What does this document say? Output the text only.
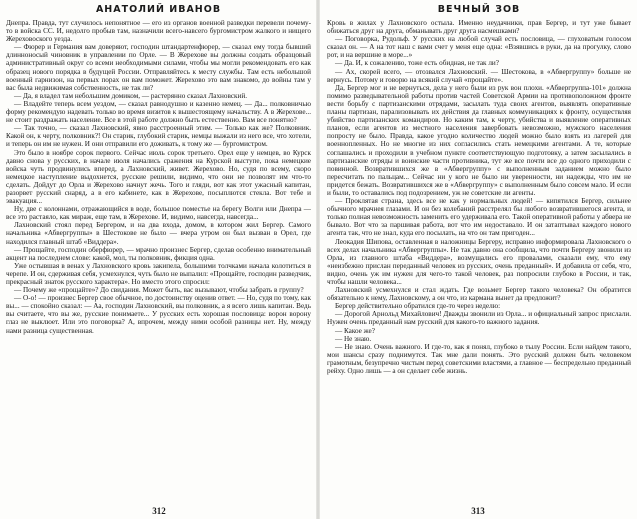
АНАТОЛИЙ ИВАНОВ

Днепра. Правда, тут случилось непонятное — его из органов военной разведки перевели почему-то в войска СС. И, недолго пробыв там, назначили всего-навсего бургомистром жалкого и нищего Жереховоского уезда.

— Фюрер и Германия вам доверяют, господин штандартенфюрер, — сказал ему тогда бывший длинноносый чиновник в управлении по Орле. — В Жерехове вы должны создать образцовый административный округ со всеми необходимыми силами, чтобы мы могли рекомендовать его как образец нового порядка в будущей России. Отправляйтесь к месту службы. Там есть небольшой военный гарнизон, на первых порах он вам поможет. Жерехово это вам знакомо, до войны там у вас была недвижимая собственность, не так ли?

— Да, я владел там небольшим домиком, — растерянно сказал Лахновский.

— Владейте теперь всем уездом, — сказал равнодушно и казенно немец. — Да... полковничью форму рекомендую надевать только во время визитов к вышестоящему начальству. А в Жерехове... не стоит раздражать население. Все в этой работе должно быть естественно. Вам все понятно?

— Так точно, — сказал Лахновский, явно расстроенный этим. — Только как же? Полковник. Какой он, к черту, полковник?! Он старик, глубокий старик, немцы выжали из него все, что хотели, и теперь он им не нужен. И они отправили его доживать, к тому же — бургомистром.

Это было в ноябре сорок первого. Сейчас июль сорок третьего. Орел еще у немцев, во Курск давно снова у русских, в начале июля начались сражения на Курской выступе, пока немецкие войска чуть продвинулись вперед, а Лахновский, живет. Жерехово. Но, судя по всему, скоро немецкое наступление выдохнется, русские решили, видимо, что они не позволят им что-то сделать. Дойдут до Орла и Жерехово начнут жечь. Того и гляди, вот как этот ужасный капитан, разорвет русский снаряд, а в его кабинете, как в Жерехове, посыплются стекла. Вот тебе и эвакуация...

Ну, две с колоннами, отражающийся в воде, большое поместье на берегу Волги или Днепра — все это растаяло, как мираж, еще там, в Жерехове. И, видимо, навсегда, навсегда...

Лахновский стоял перед Бергером, и на два входа, домом, в котором жил Бергер. Самого начальника «Абвергруппы» в Шестокове не было — вчера утром он был вызван в Орел, где находился главный штаб «Виддера».

— Прощайте, господин оберфюрер, — мрачно произнес Бергер, сделав особенно внимательный акцент на последнем слове: какой, мол, ты полковник, фикция одна.

Уже остывшая в венах у Лахновского кровь закипела, большими толчками начала колотиться в черепе. И он, сдерживая себя, усмехнулся, чуть было не выпалил: «Прощайте, господин разведчик, прекрасный знаток русского характера». Но вместо этого спросил:

— Почему же «прощайте»? До свидания. Может быть, вас вызывают, чтобы забрать в группу?

— О-о! — произнес Бергер свое обычное, по достоинству оценив ответ. — Но, судя по тому, как вы... — спокойно сказал: — Аа, господин Лахновский, вы полковник, а я всего лишь капитан. Ведь вы считаете, что вы же, русские понимаете... У русских есть хорошая пословица: ворон ворону глаз не выклюет. Или это поговорка? А, впрочем, между ними особой разницы нет. Ну, между нами разница существенная.

312
ВЕЧНЫЙ ЗОВ

Кровь в жилах у Лахновского остыла. Именно неудачники, прав Бергер, и тут уже бывает обижаться друг на друга, обманывать друг друга насмешками?

— Поговорка, Рудольф. У русских на любой случай есть пословица, — глуховатым голосом сказал он. — А на тот наш с вами счет у меня еще одна: «Взявшись в руки, да на прогулку, слово рот, и на вершине в море...»

— Да. И, к сожалению, тоже есть обидная, не так ли?

— Ах, скорей всего, — отозвался Лахновский. — Шестокова, в «Абвергруппу» больше не вернусь. Потому и говорю на всякий случай «прощайте».

Да, Бергер мог и не вернуться, дела у него были из рук вон плохи. «Абвергруппа-101» должна помимо разведывательной работы против частей Советской Армии на противоположном фронте вести борьбу с партизанскими отрядами, засылать туда своих агентов, выявлять оперативные планы партизан, парализовывать их действия да главных коммуникациях к фронту, осуществляя убийство партизанских командиров. Но каким там, к черту, убийства и выявление оперативных планов, если агентов из местного населения завербовать невозможно, мужского населения попросту не было. Правда, какое угодно количество людей можно было взять из лагерей для военнопленных. Но не многие из них согласились стать немецкими агентами. А те, которые соглашались и проходили в учебном пункте соответствующую подготовку, а затем засылались в партизанские отряды и воинские части противника, тут же все почти все до одного приходили с повинной. Возвратившихся же в «Абвергруппу» с выполненным заданием можно было пересчитать по пальцам... Сейчас ни у кого не было ни уверенности, ни надежды, что им не придется бежать. Возвратившихся же в «Абвергруппу» с выполненным было совсем мало. И если и были, то оставались под подозрением, уж не советские ли агенты.

— Проклятая страна, здесь все не как у нормальных людей! — кипятился Бергер, сильнее обычного мрачнея глазами. И он без колебаний расстрелял бы любого возвратившегося агента, и только полная невозможность заменить его удерживала его. Такой оперативной работы у абвера не бывало. Вот что за паршивая работа, вот что им недоставало. И он затаптывал каждого нового агента так, что не знал, куда его посылать, на что он там пригоден...

Леокадия Шипова, оставленная в наложницы Бергеру, исправно информировала Лахновского о всех делах начальника «Абвергруппы». Не так давно она сообщила, что почти Бергеру звонили из Орла, из главного штаба «Виддера», возмущались его провалами, сказали ему, что ему «неизбежно прислан переданный человек из русских, очень преданный». И добавила от себя, что, видно, очень уж им нужен для чего-то такой человек, раз попросили глубоко в России, и так, чтобы нашли человека...

Лахновский усмехнулся и стал ждать. Где возьмет Бергер такого человека? Он обратится обязательно к нему, Лахновскому, а он что, из кармана вынет да предложит?

Бергер действительно обратился где-то через неделю:

— Дорогой Арнольд Михайлович! Дважды звонили из Орла... и официальный запрос прислали. Нужен очень преданный нам русский для какого-то важного задания.

— Какое же?

— Не знаю.

— Не знаю. Очень важного. И где-то, как я понял, глубоко в тылу России. Если найдем такого, мои шансы сразу поднимутся. Так мне дали понять. Это русский должен быть человеком грамотным, безупречно чистым перед советскими властями, а главное — беспредельно преданный рейху. Одно лишь — а он сделает себе жизнь.

313
